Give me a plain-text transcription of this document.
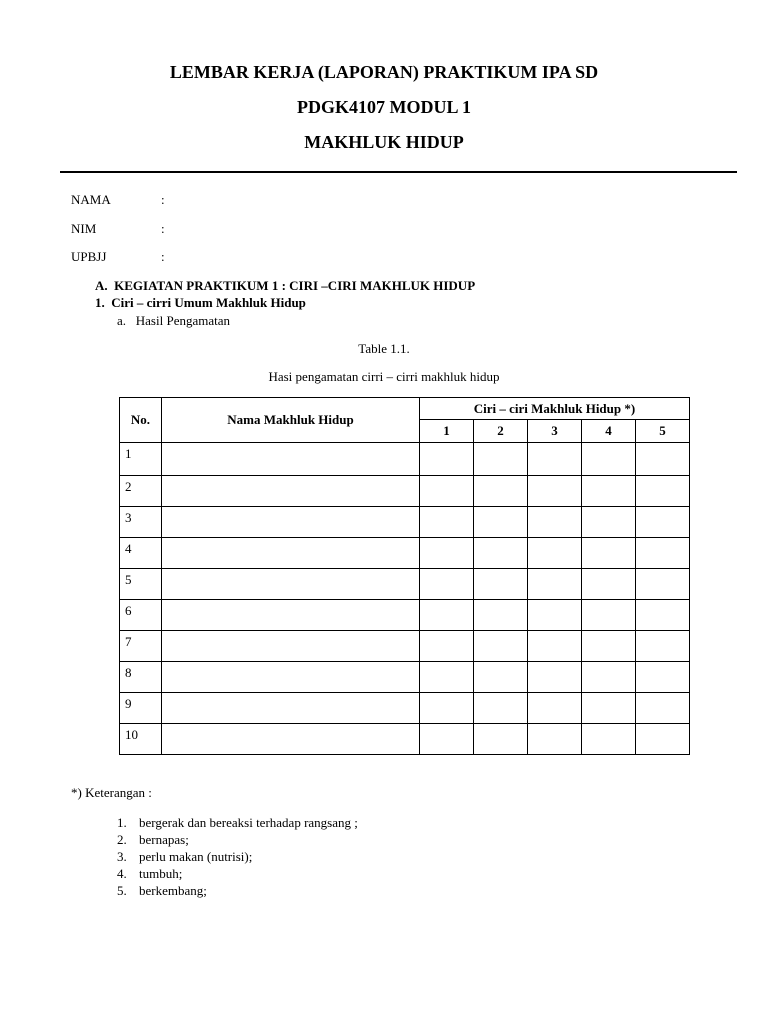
LEMBAR KERJA (LAPORAN) PRAKTIKUM IPA SD
PDGK4107 MODUL 1
MAKHLUK HIDUP
NAMA	:
NIM	:
UPBJJ	:
A.  KEGIATAN PRAKTIKUM 1 : CIRI –CIRI MAKHLUK HIDUP
1.  Ciri – cirri Umum Makhluk Hidup
a.   Hasil Pengamatan
Table 1.1.
Hasi pengamatan cirri – cirri makhluk hidup
No.	Nama Makhluk Hidup	Ciri – ciri Makhluk Hidup *)				
		1	2	3	4	5
1						
2						
3						
4						
5						
6						
7						
8						
9						
10						
*) Keterangan :
1. bergerak dan bereaksi terhadap rangsang ;
2. bernapas;
3. perlu makan (nutrisi);
4. tumbuh;
5. berkembang;
